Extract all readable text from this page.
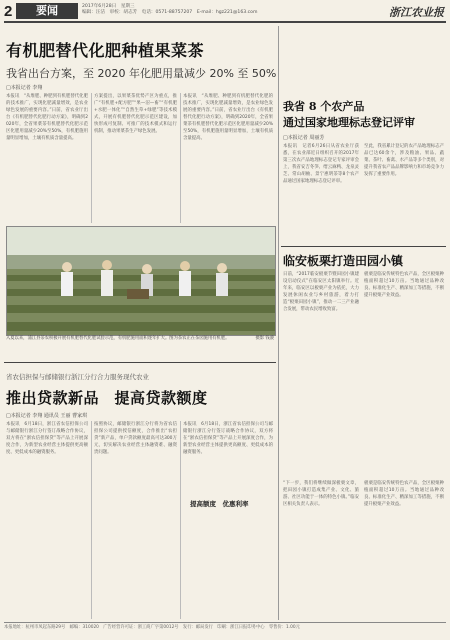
2	要闻	2017年6月28日　星期三
编辑：汪洁　审校：胡志芳　电话：0571-88757207　E-mail：hgz221@163.com	浙江农业报
有机肥替代化肥种植果菜茶
我省出台方案，至 2020 年化肥用量减少 20% 至 50%
□本报记者 李翔
本报讯　“从堆肥、种肥到有机肥替代化肥的技术推广，实现化肥减量增效，是农业绿色发展的重要内容。”日前，省农业厅出台《有机肥替代化肥行动方案》，明确到2020年，全省果菜茶有机肥替代化肥示范区化肥用量减少20%至50%，有机肥施用量明显增加，土壤有机质含量提高。
方案提出，以果菜茶优势产区为重点，推广“有机肥+配方肥”“果—沼—畜”“有机肥+水肥一体化”“自然生草+绿肥”等技术模式，开展有机肥替代化肥示范区建设，加快形成可复制、可推广的技术模式和运行机制，推动果菜茶生产绿色发展。
本报讯　“从堆肥、种肥到有机肥替代化肥的技术推广，实现化肥减量增效，是农业绿色发展的重要内容。”日前，省农业厅出台《有机肥替代化肥行动方案》，明确到2020年，全省果菜茶有机肥替代化肥示范区化肥用量减少20%至50%，有机肥施用量明显增加，土壤有机质含量提高。
入夏以来，浦江县茶农积极开展有机肥替代化肥试验示范，有机肥施用面积逐年扩大。图为茶农正在茶园施用有机肥。	摄影 钱骏
省农信担保与邮储银行浙江分行合力服务现代农业
推出贷款新品　提高贷款额度
□本报记者 李翔 通讯员 王丽 曹家琪
本报讯　6月18日，浙江省农信担保公司与邮储银行浙江分行签订战略合作协议，双方将在“浙农信担保贷”等产品上开展深度合作，为新型农业经营主体提供更高额度、更低成本的融资服务。
按照协议，邮储银行浙江分行将为省农信担保公司提供授信额度，合作推出“农担贷”新产品，单户贷款额度最高可达300万元，切实解决农业经营主体融资难、融资贵问题。
本报讯　6月18日，浙江省农信担保公司与邮储银行浙江分行签订战略合作协议，双方将在“浙农信担保贷”等产品上开展深度合作，为新型农业经营主体提供更高额度、更低成本的融资服务。
我省 8 个农产品
通过国家地理标志登记评审
□本报记者 周丽芳
本报讯　记者6月26日从省农业厅获悉，在农业部近日组织召开的2017年第三次农产品地理标志登记专家评审会上，我省安吉冬笋、缙云麻鸭、龙泉灵芝、常山胡柚、景宁惠明茶等8个农产品通过国家地理标志登记评审。
至此，我省累计登记的农产品地理标志产品已达60余个，涉及粮油、果品、蔬菜、茶叶、畜禽、水产品等多个类别，对提升我省农产品品牌影响力和市场竞争力发挥了重要作用。
临安板栗打造田园小镇
日前，“2017临安板栗节暨田园小镇建设启动仪式”在临安区太阳镇举行。近年来，临安区以板栗产业为依托，大力发展休闲农业与乡村旅游，着力打造“板栗田园小镇”，推动一二三产业融合发展，带动农民增收致富。
板栗是临安传统特色农产品，全区板栗种植面积超过10万亩。当地通过品种改良、标准化生产、精深加工等措施，不断提升板栗产业效益。
“下一步，我们将继续做深板栗文章，把田园小镇打造成集产业、文化、旅游、社区功能于一体的特色小镇。”临安区相关负责人表示。
板栗是临安传统特色农产品，全区板栗种植面积超过10万亩。当地通过品种改良、标准化生产、精深加工等措施，不断提升板栗产业效益。
提高额度　优惠利率
本报地址：杭州市凤起东路29号　邮编：310020　广告经营许可证：浙工商广字第0012号　发行：邮局发行　印刷：浙江日报印务中心　零售价：1.00元
